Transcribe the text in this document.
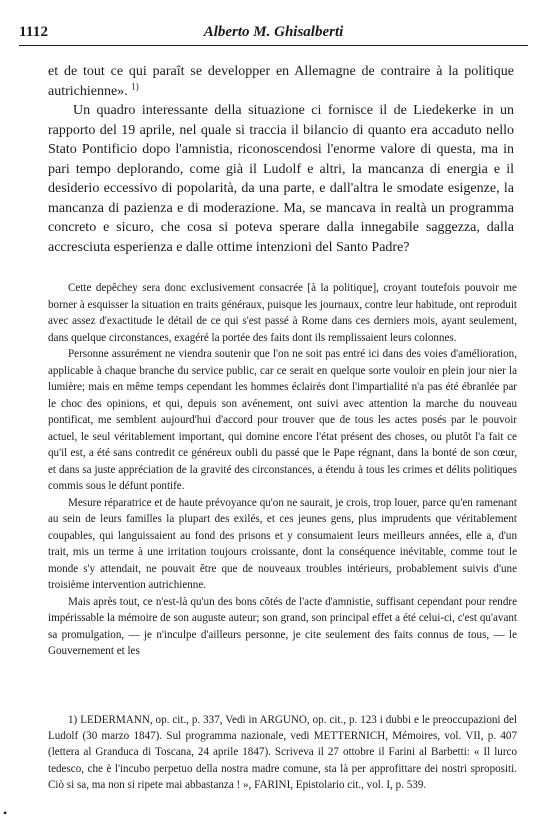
1112	Alberto M. Ghisalberti

et de tout ce qui paraît se developper en Allemagne de contraire à la politique autrichienne». $^{1)}$

Un quadro interessante della situazione ci fornisce il de Liedekerke in un rapporto del 19 aprile, nel quale si traccia il bilancio di quanto era accaduto nello Stato Pontificio dopo l'amnistia, riconoscendosi l'enorme valore di questa, ma in pari tempo deplorando, come già il Ludolf e altri, la mancanza di energia e il desiderio eccessivo di popolarità, da una parte, e dall'altra le smodate esigenze, la mancanza di pazienza e di moderazione. Ma, se mancava in realtà un programma concreto e sicuro, che cosa si poteva sperare dalla innegabile saggezza, dalla accresciuta esperienza e dalle ottime intenzioni del Santo Padre?

Cette depêchey sera donc exclusivement consacrée [à la politique], croyant toutefois pouvoir me borner à esquisser la situation en traits généraux, puisque les journaux, contre leur habitude, ont reproduit avec assez d'exactitude le détail de ce qui s'est passé à Rome dans ces derniers mois, ayant seulement, dans quelque circonstances, exagéré la portée des faits dont ils remplissaient leurs colonnes.

Personne assurément ne viendra soutenir que l'on ne soit pas entré ici dans des voies d'amélioration, applicable à chaque branche du service public, car ce serait en quelque sorte vouloir en plein jour nier la lumière; mais en même temps cependant les hommes éclairés dont l'impartialité n'a pas été ébranlée par le choc des opinions, et qui, depuis son avénement, ont suivi avec attention la marche du nouveau pontificat, me semblent aujourd'hui d'accord pour trouver que de tous les actes posés par le pouvoir actuel, le seul véritablement important, qui domine encore l'état présent des choses, ou plutôt l'a fait ce qu'il est, a été sans contredit ce généreux oubli du passé que le Pape régnant, dans la bonté de son cœur, et dans sa juste appréciation de la gravité des circonstances, a étendu à tous les crimes et délits politiques commis sous le défunt pontife.

Mesure réparatrice et de haute prévoyance qu'on ne saurait, je crois, trop louer, parce qu'en ramenant au sein de leurs familles la plupart des exilés, et ces jeunes gens, plus imprudents que véritablement coupables, qui languissaient au fond des prisons et y consumaient leurs meilleurs années, elle a, d'un trait, mis un terme à une irritation toujours croissante, dont la conséquence inévitable, comme tout le monde s'y attendait, ne pouvait être que de nouveaux troubles intérieurs, probablement suivis d'une troisième intervention autrichienne.

Mais après tout, ce n'est-là qu'un des bons côtés de l'acte d'amnistie, suffisant cependant pour rendre impérissable la mémoire de son auguste auteur; son grand, son principal effet a été celui-ci, c'est qu'avant sa promulgation, — je n'inculpe d'ailleurs personne, je cite seulement des faits connus de tous, — le Gouvernement et les

1) LEDERMANN, op. cit., p. 337, Vedi in ARGUNO, op. cit., p. 123 i dubbi e le preoccupazioni del Ludolf (30 marzo 1847). Sul programma nazionale, vedi METTERNICH, Mémoires, vol. VII, p. 407 (lettera al Granduca di Toscana, 24 aprile 1847). Scriveva il 27 ottobre il Farini al Barbetti: « Il lurco tedesco, che è l'incubo perpetuo della nostra madre comune, sta là per approfittare dei nostri spropositi. Ciò si sa, ma non si ripete mai abbastanza ! », FARINI, Epistolario cit., vol. I, p. 539.

•
